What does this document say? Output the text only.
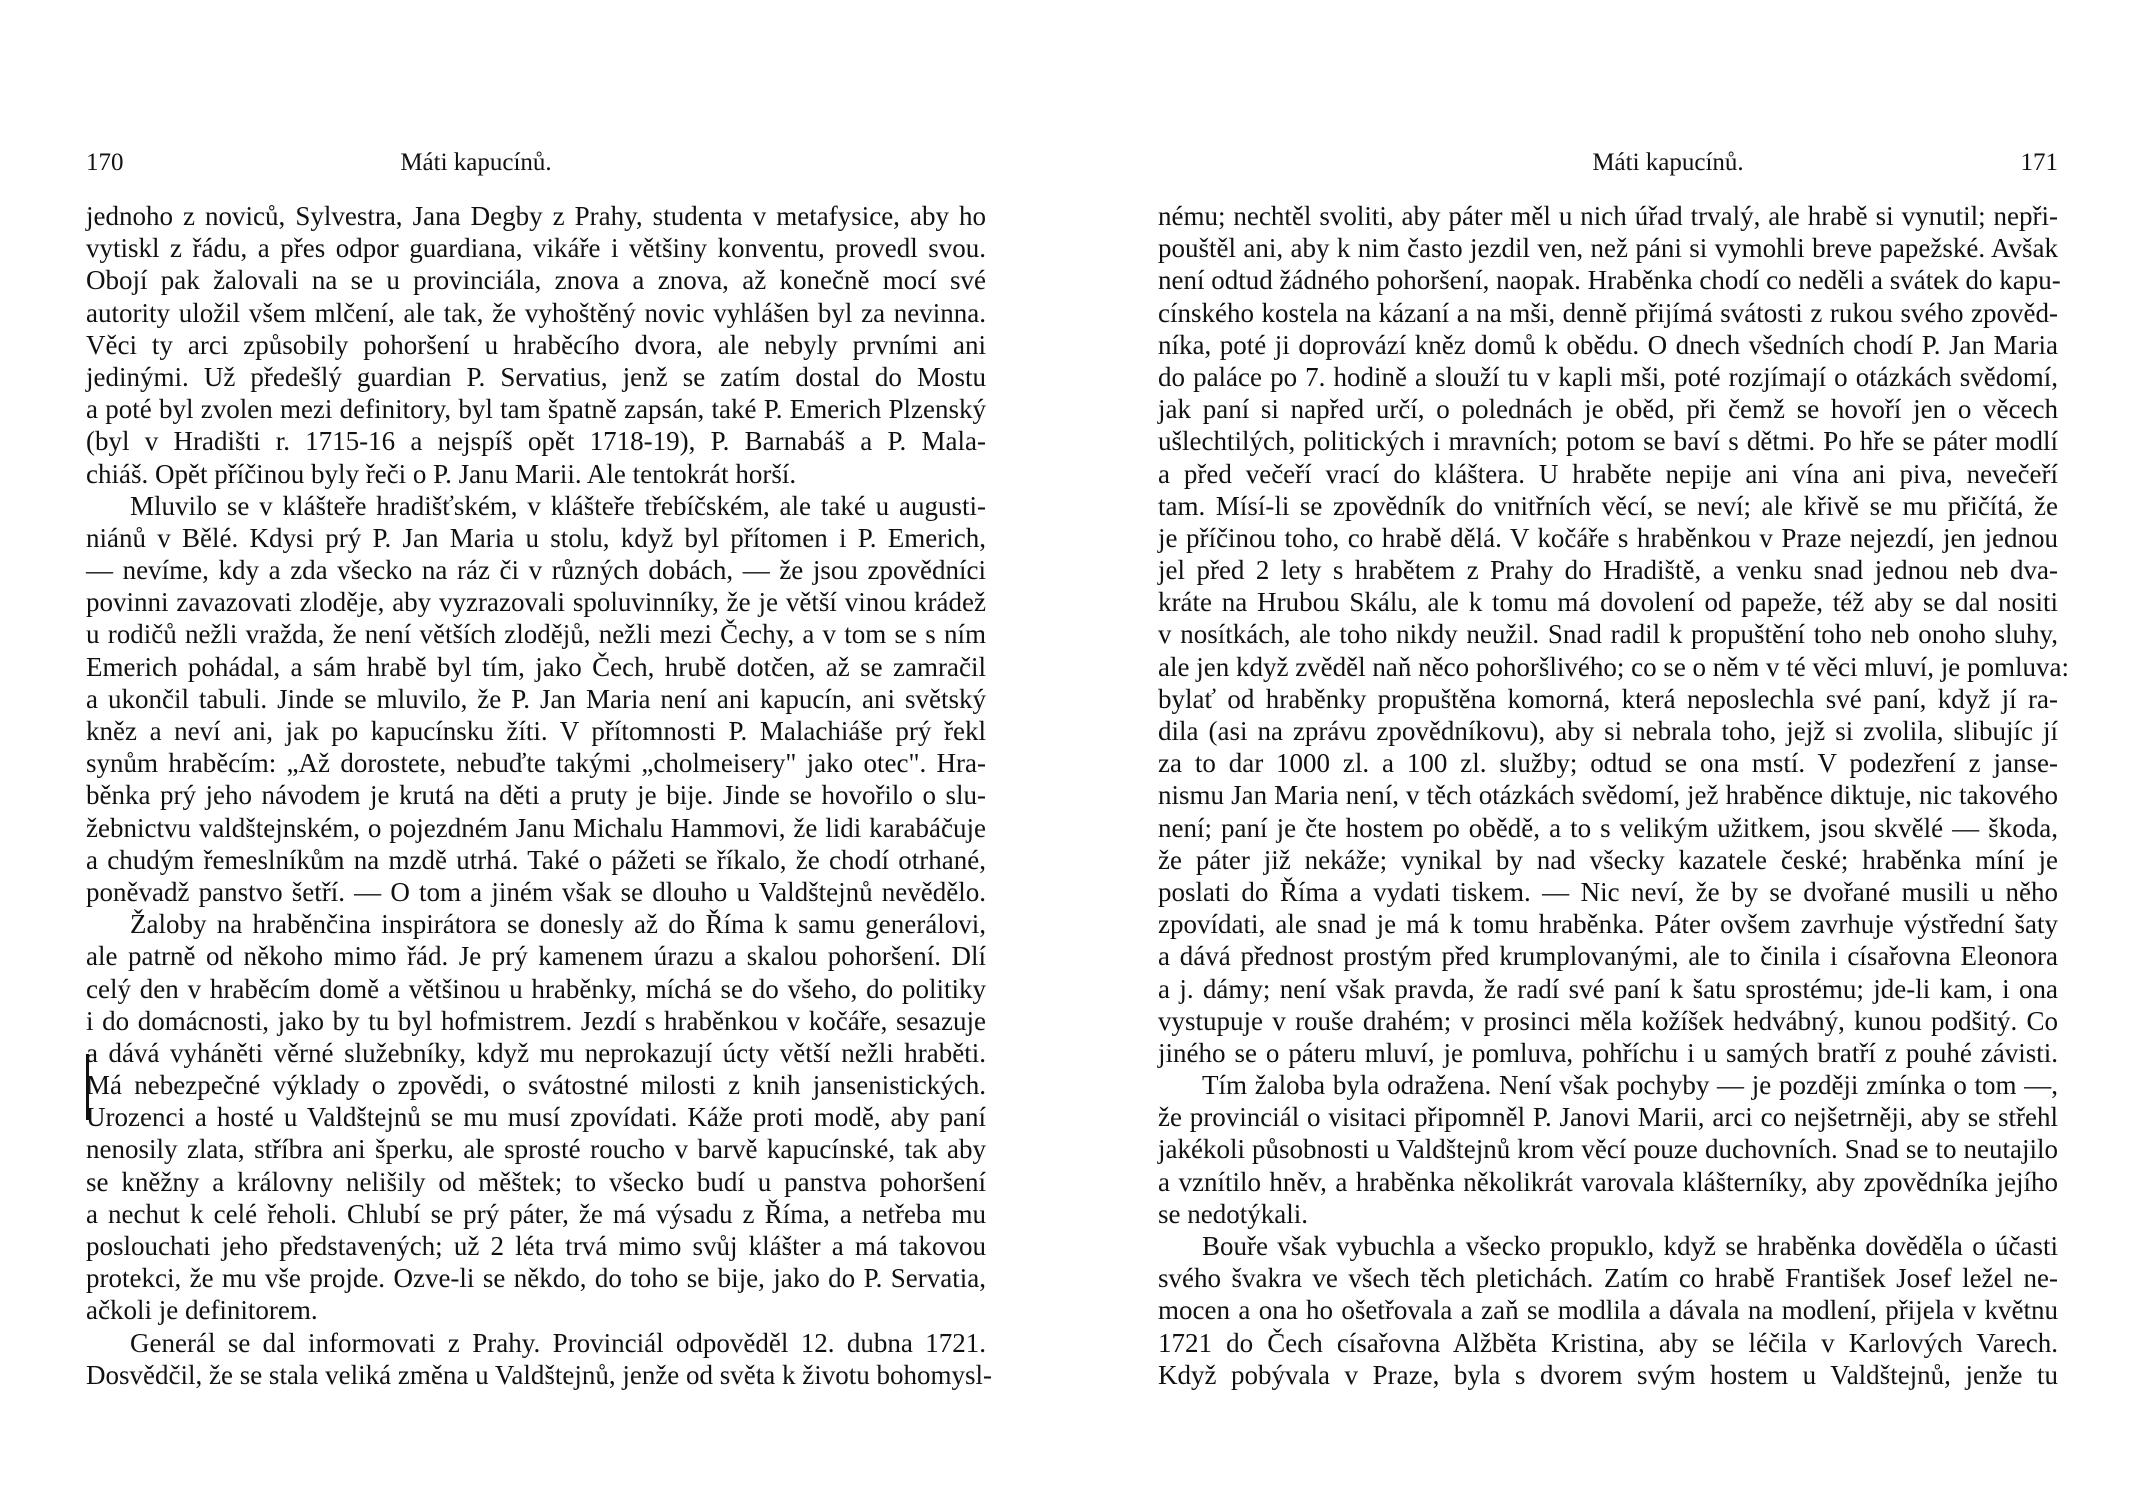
170	Máti kapucínů.
jednoho z noviců, Sylvestra, Jana Degby z Prahy, studenta v metafysice, aby ho
vytiskl z řádu, a přes odpor guardiana, vikáře i většiny konventu, provedl svou.
Obojí pak žalovali na se u provinciála, znova a znova, až konečně mocí své
autority uložil všem mlčení, ale tak, že vyhoštěný novic vyhlášen byl za nevinna.
Věci ty arci způsobily pohoršení u hraběcího dvora, ale nebyly prvními ani
jedinými. Už předešlý guardian P. Servatius, jenž se zatím dostal do Mostu
a poté byl zvolen mezi definitory, byl tam špatně zapsán, také P. Emerich Plzenský
(byl v Hradišti r. 1715-16 a nejspíš opět 1718-19), P. Barnabáš a P. Mala-
chiáš. Opět příčinou byly řeči o P. Janu Marii. Ale tentokrát horší.
Mluvilo se v klášteře hradišťském, v klášteře třebíčském, ale také u augusti-
niánů v Bělé. Kdysi prý P. Jan Maria u stolu, když byl přítomen i P. Emerich,
— nevíme, kdy a zda všecko na ráz či v různých dobách, — že jsou zpovědníci
povinni zavazovati zloděje, aby vyzrazovali spoluvinníky, že je větší vinou krádež
u rodičů nežli vražda, že není větších zlodějů, nežli mezi Čechy, a v tom se s ním
Emerich pohádal, a sám hrabě byl tím, jako Čech, hrubě dotčen, až se zamračil
a ukončil tabuli. Jinde se mluvilo, že P. Jan Maria není ani kapucín, ani světský
kněz a neví ani, jak po kapucínsku žíti. V přítomnosti P. Malachiáše prý řekl
synům hraběcím: „Až dorostete, nebuďte takými „cholmeisery" jako otec". Hra-
běnka prý jeho návodem je krutá na děti a pruty je bije. Jinde se hovořilo o slu-
žebnictvu valdštejnském, o pojezdném Janu Michalu Hammovi, že lidi karabáčuje
a chudým řemeslníkům na mzdě utrhá. Také o pážeti se říkalo, že chodí otrhané,
poněvadž panstvo šetří. — O tom a jiném však se dlouho u Valdštejnů nevědělo.
Žaloby na hraběnčina inspirátora se donesly až do Říma k samu generálovi,
ale patrně od někoho mimo řád. Je prý kamenem úrazu a skalou pohoršení. Dlí
celý den v hraběcím domě a většinou u hraběnky, míchá se do všeho, do politiky
i do domácnosti, jako by tu byl hofmistrem. Jezdí s hraběnkou v kočáře, sesazuje
a dává vyháněti věrné služebníky, když mu neprokazují úcty větší nežli hraběti.
Má nebezpečné výklady o zpovědi, o svátostné milosti z knih jansenistických.
Urozenci a hosté u Valdštejnů se mu musí zpovídati. Káže proti modě, aby paní
nenosily zlata, stříbra ani šperku, ale sprosté roucho v barvě kapucínské, tak aby
se kněžny a královny nelišily od měštek; to všecko budí u panstva pohoršení
a nechut k celé řeholi. Chlubí se prý páter, že má výsadu z Říma, a netřeba mu
poslouchati jeho představených; už 2 léta trvá mimo svůj klášter a má takovou
protekci, že mu vše projde. Ozve-li se někdo, do toho se bije, jako do P. Servatia,
ačkoli je definitorem.
Generál se dal informovati z Prahy. Provinciál odpověděl 12. dubna 1721.
Dosvědčil, že se stala veliká změna u Valdštejnů, jenže od světa k životu bohomysl-
Máti kapucínů.	171
nému; nechtěl svoliti, aby páter měl u nich úřad trvalý, ale hrabě si vynutil; nepři-
pouštěl ani, aby k nim často jezdil ven, než páni si vymohli breve papežské. Avšak
není odtud žádného pohoršení, naopak. Hraběnka chodí co neděli a svátek do kapu-
cínského kostela na kázaní a na mši, denně přijímá svátosti z rukou svého zpověd-
níka, poté ji doprovází kněz domů k obědu. O dnech všedních chodí P. Jan Maria
do paláce po 7. hodině a slouží tu v kapli mši, poté rozjímají o otázkách svědomí,
jak paní si napřed určí, o polednách je oběd, při čemž se hovoří jen o věcech
ušlechtilých, politických i mravních; potom se baví s dětmi. Po hře se páter modlí
a před večeří vrací do kláštera. U hraběte nepije ani vína ani piva, nevečeří
tam. Mísí-li se zpovědník do vnitřních věcí, se neví; ale křivě se mu přičítá, že
je příčinou toho, co hrabě dělá. V kočáře s hraběnkou v Praze nejezdí, jen jednou
jel před 2 lety s hrabětem z Prahy do Hradiště, a venku snad jednou neb dva-
kráte na Hrubou Skálu, ale k tomu má dovolení od papeže, též aby se dal nositi
v nosítkách, ale toho nikdy neužil. Snad radil k propuštění toho neb onoho sluhy,
ale jen když zvěděl naň něco pohoršlivého; co se o něm v té věci mluví, je pomluva:
bylať od hraběnky propuštěna komorná, která neposlechla své paní, když jí ra-
dila (asi na zprávu zpovědníkovu), aby si nebrala toho, jejž si zvolila, slibujíc jí
za to dar 1000 zl. a 100 zl. služby; odtud se ona mstí. V podezření z janse-
nismu Jan Maria není, v těch otázkách svědomí, jež hraběnce diktuje, nic takového
není; paní je čte hostem po obědě, a to s velikým užitkem, jsou skvělé — škoda,
že páter již nekáže; vynikal by nad všecky kazatele české; hraběnka míní je
poslati do Říma a vydati tiskem. — Nic neví, že by se dvořané musili u něho
zpovídati, ale snad je má k tomu hraběnka. Páter ovšem zavrhuje výstřední šaty
a dává přednost prostým před krumplovanými, ale to činila i císařovna Eleonora
a j. dámy; není však pravda, že radí své paní k šatu sprostému; jde-li kam, i ona
vystupuje v rouše drahém; v prosinci měla kožíšek hedvábný, kunou podšitý. Co
jiného se o páteru mluví, je pomluva, pohříchu i u samých bratří z pouhé závisti.
Tím žaloba byla odražena. Není však pochyby — je později zmínka o tom —,
že provinciál o visitaci připomněl P. Janovi Marii, arci co nejšetrněji, aby se střehl
jakékoli působnosti u Valdštejnů krom věcí pouze duchovních. Snad se to neutajilo
a vznítilo hněv, a hraběnka několikrát varovala klášterníky, aby zpovědníka jejího
se nedotýkali.
Bouře však vybuchla a všecko propuklo, když se hraběnka dověděla o účasti
svého švakra ve všech těch pletichách. Zatím co hrabě František Josef ležel ne-
mocen a ona ho ošetřovala a zaň se modlila a dávala na modlení, přijela v květnu
1721 do Čech císařovna Alžběta Kristina, aby se léčila v Karlových Varech.
Když pobývala v Praze, byla s dvorem svým hostem u Valdštejnů, jenže tu
